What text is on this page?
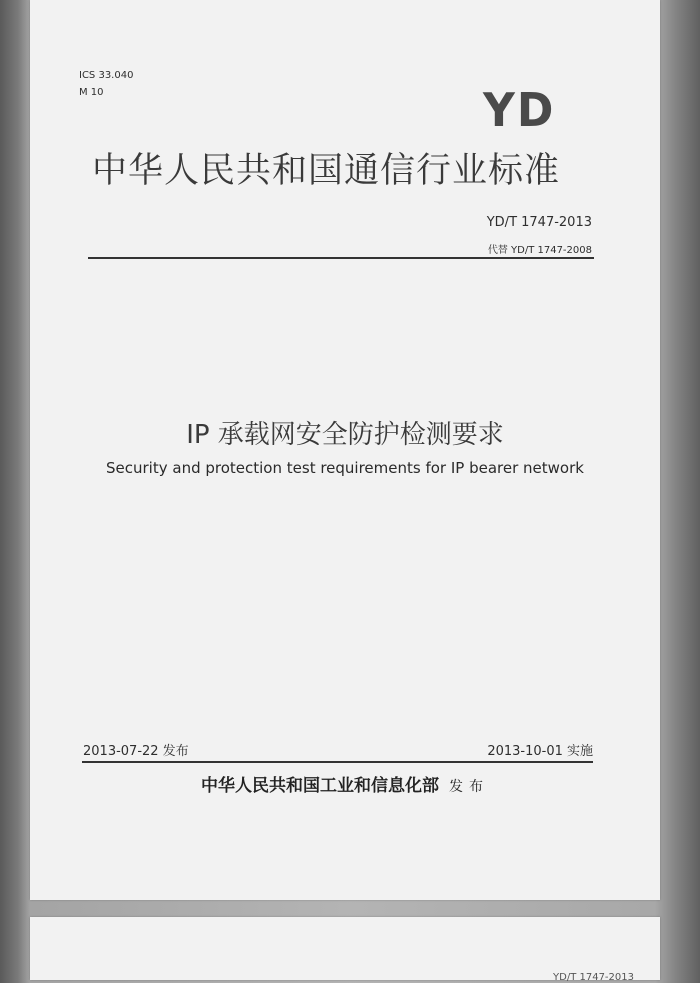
ICS 33.040
M 10	YD
中华人民共和国通信行业标准
YD/T 1747-2013
代替 YD/T 1747-2008
IP 承载网安全防护检测要求
Security and protection test requirements for IP bearer network
2013-07-22 发布	2013-10-01 实施
中华人民共和国工业和信息化部 发布
YD/T 1747-2013
